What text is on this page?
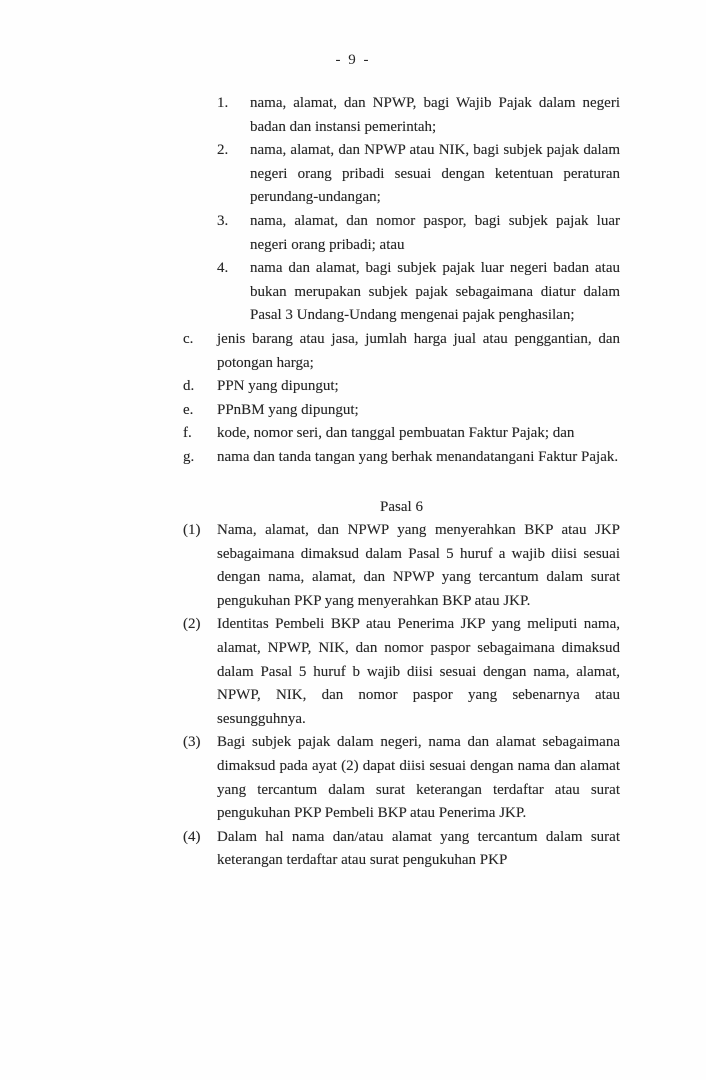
- 9 -
1.	nama, alamat, dan NPWP, bagi Wajib Pajak dalam negeri badan dan instansi pemerintah;
2.	nama, alamat, dan NPWP atau NIK, bagi subjek pajak dalam negeri orang pribadi sesuai dengan ketentuan peraturan perundang-undangan;
3.	nama, alamat, dan nomor paspor, bagi subjek pajak luar negeri orang pribadi; atau
4.	nama dan alamat, bagi subjek pajak luar negeri badan atau bukan merupakan subjek pajak sebagaimana diatur dalam Pasal 3 Undang-Undang mengenai pajak penghasilan;
c.	jenis barang atau jasa, jumlah harga jual atau penggantian, dan potongan harga;
d.	PPN yang dipungut;
e.	PPnBM yang dipungut;
f.	kode, nomor seri, dan tanggal pembuatan Faktur Pajak; dan
g.	nama dan tanda tangan yang berhak menandatangani Faktur Pajak.
Pasal 6
(1)	Nama, alamat, dan NPWP yang menyerahkan BKP atau JKP sebagaimana dimaksud dalam Pasal 5 huruf a wajib diisi sesuai dengan nama, alamat, dan NPWP yang tercantum dalam surat pengukuhan PKP yang menyerahkan BKP atau JKP.
(2)	Identitas Pembeli BKP atau Penerima JKP yang meliputi nama, alamat, NPWP, NIK, dan nomor paspor sebagaimana dimaksud dalam Pasal 5 huruf b wajib diisi sesuai dengan nama, alamat, NPWP, NIK, dan nomor paspor yang sebenarnya atau sesungguhnya.
(3)	Bagi subjek pajak dalam negeri, nama dan alamat sebagaimana dimaksud pada ayat (2) dapat diisi sesuai dengan nama dan alamat yang tercantum dalam surat keterangan terdaftar atau surat pengukuhan PKP Pembeli BKP atau Penerima JKP.
(4)	Dalam hal nama dan/atau alamat yang tercantum dalam surat keterangan terdaftar atau surat pengukuhan PKP
